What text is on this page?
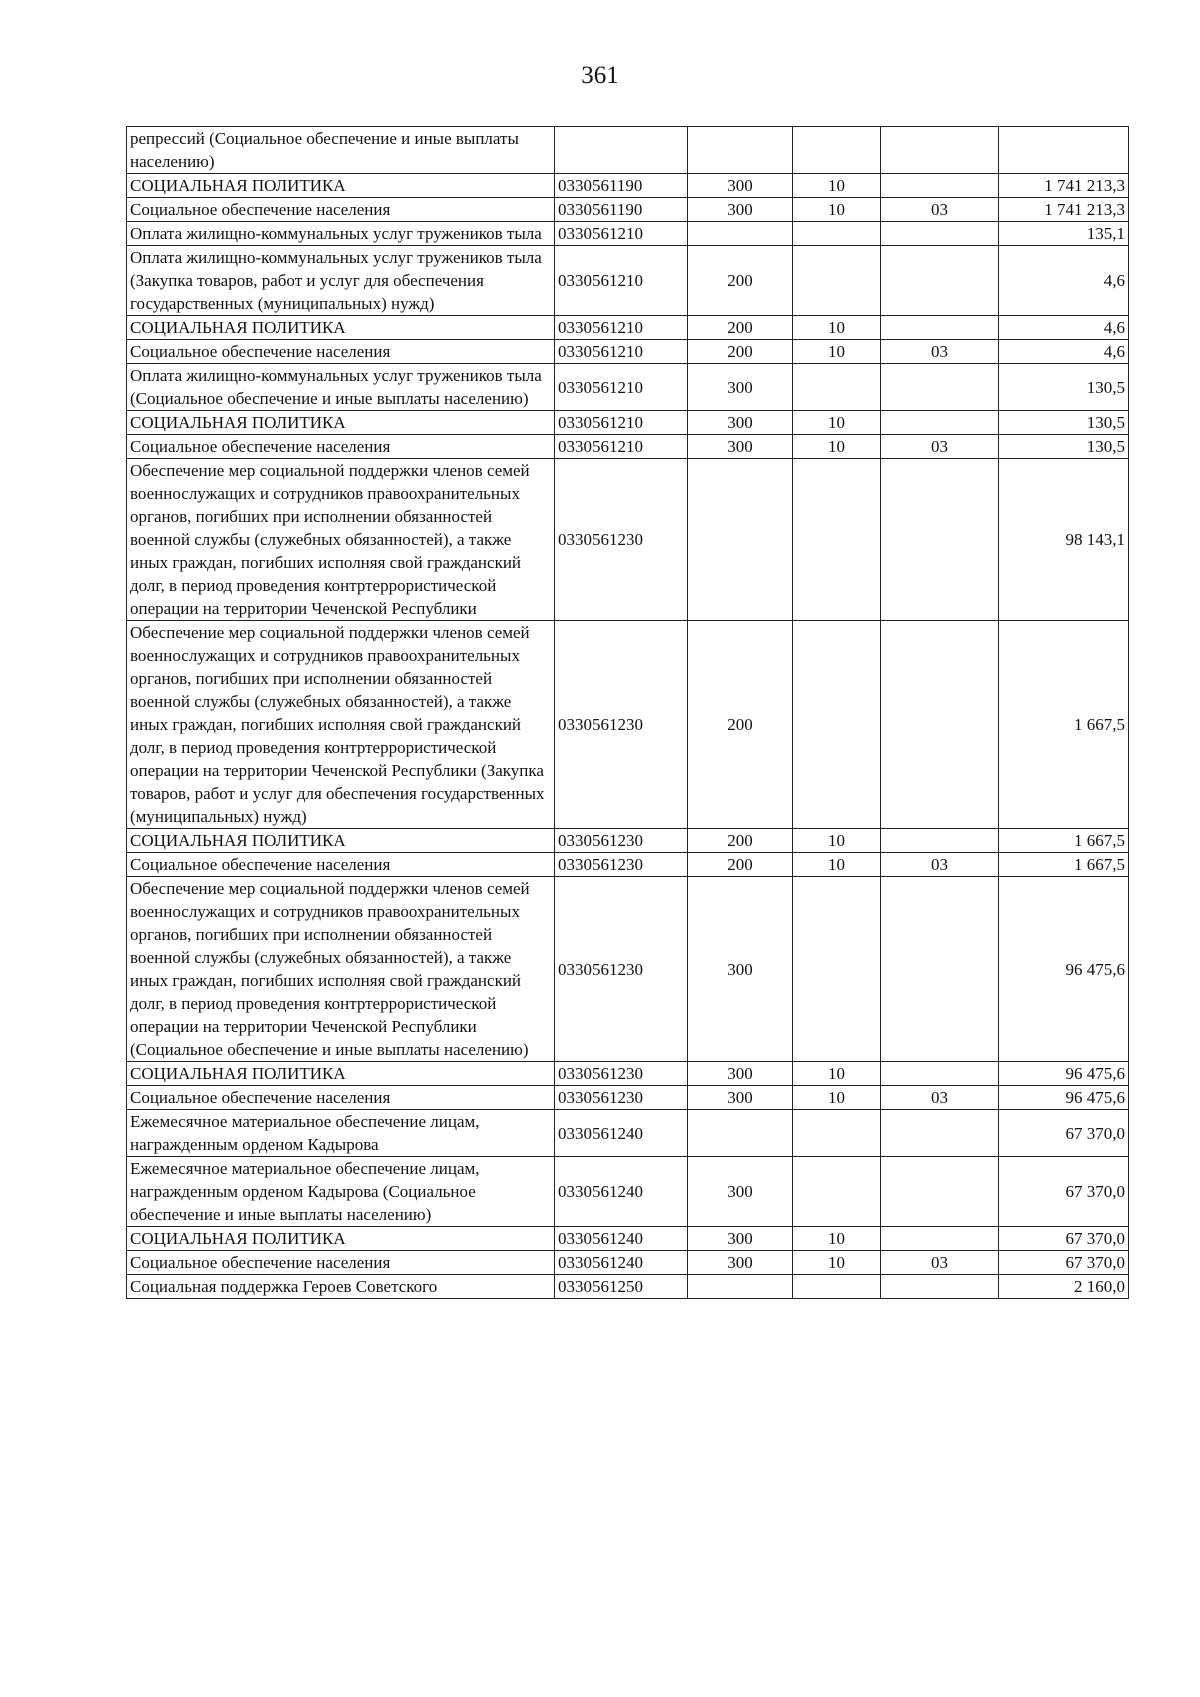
361
репрессий (Социальное обеспечение и иные выплаты населению)					
СОЦИАЛЬНАЯ ПОЛИТИКА	0330561190	300	10		1 741 213,3
Социальное обеспечение населения	0330561190	300	10	03	1 741 213,3
Оплата жилищно-коммунальных услуг тружеников тыла	0330561210				135,1
Оплата жилищно-коммунальных услуг тружеников тыла (Закупка товаров, работ и услуг для обеспечения государственных (муниципальных) нужд)	0330561210	200			4,6
СОЦИАЛЬНАЯ ПОЛИТИКА	0330561210	200	10		4,6
Социальное обеспечение населения	0330561210	200	10	03	4,6
Оплата жилищно-коммунальных услуг тружеников тыла (Социальное обеспечение и иные выплаты населению)	0330561210	300			130,5
СОЦИАЛЬНАЯ ПОЛИТИКА	0330561210	300	10		130,5
Социальное обеспечение населения	0330561210	300	10	03	130,5
Обеспечение мер социальной поддержки членов семей военнослужащих и сотрудников правоохранительных органов, погибших при исполнении обязанностей военной службы (служебных обязанностей), а также иных граждан, погибших исполняя свой гражданский долг, в период проведения контртеррористической операции на территории Чеченской Республики	0330561230				98 143,1
Обеспечение мер социальной поддержки членов семей военнослужащих и сотрудников правоохранительных органов, погибших при исполнении обязанностей военной службы (служебных обязанностей), а также иных граждан, погибших исполняя свой гражданский долг, в период проведения контртеррористической операции на территории Чеченской Республики (Закупка товаров, работ и услуг для обеспечения государственных (муниципальных) нужд)	0330561230	200			1 667,5
СОЦИАЛЬНАЯ ПОЛИТИКА	0330561230	200	10		1 667,5
Социальное обеспечение населения	0330561230	200	10	03	1 667,5
Обеспечение мер социальной поддержки членов семей военнослужащих и сотрудников правоохранительных органов, погибших при исполнении обязанностей военной службы (служебных обязанностей), а также иных граждан, погибших исполняя свой гражданский долг, в период проведения контртеррористической операции на территории Чеченской Республики (Социальное обеспечение и иные выплаты населению)	0330561230	300			96 475,6
СОЦИАЛЬНАЯ ПОЛИТИКА	0330561230	300	10		96 475,6
Социальное обеспечение населения	0330561230	300	10	03	96 475,6
Ежемесячное материальное обеспечение лицам, награжденным орденом Кадырова	0330561240				67 370,0
Ежемесячное материальное обеспечение лицам, награжденным орденом Кадырова (Социальное обеспечение и иные выплаты населению)	0330561240	300			67 370,0
СОЦИАЛЬНАЯ ПОЛИТИКА	0330561240	300	10		67 370,0
Социальное обеспечение населения	0330561240	300	10	03	67 370,0
Социальная поддержка Героев Советского	0330561250				2 160,0
